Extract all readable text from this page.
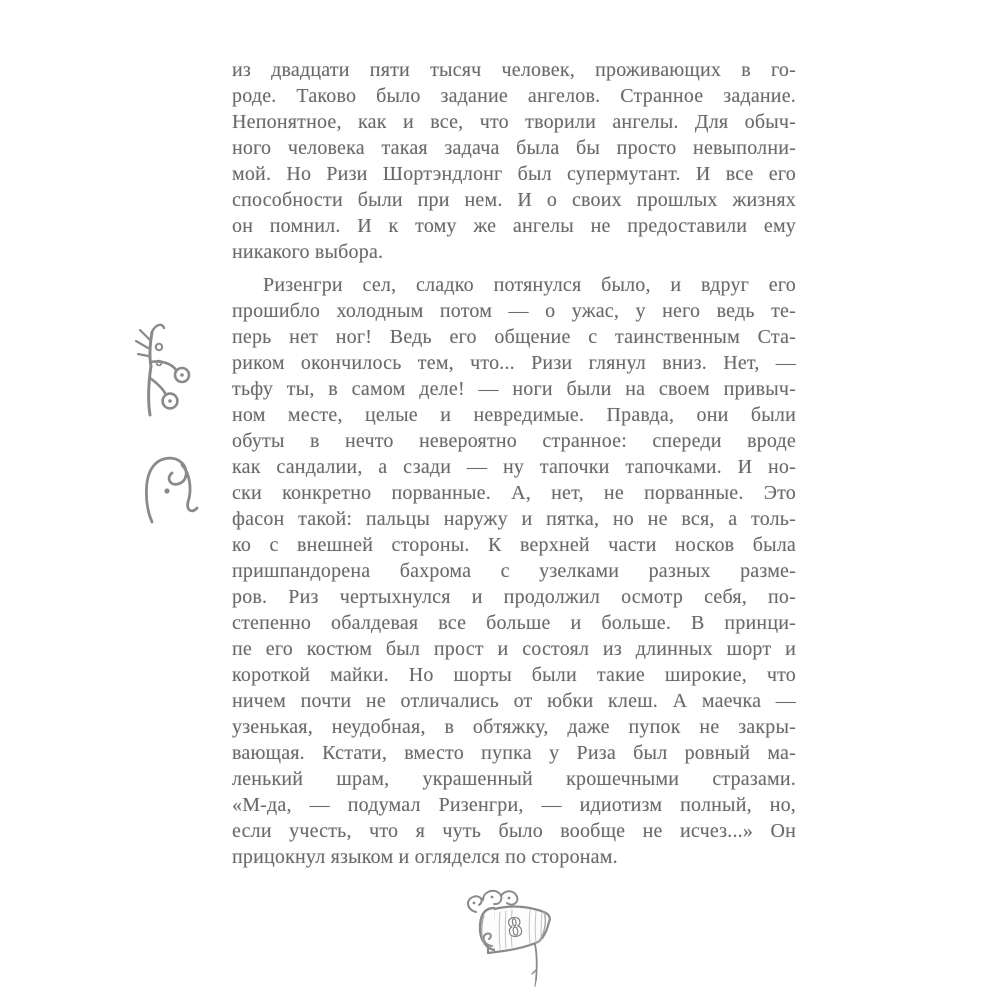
из двадцати пяти тысяч человек, проживающих в го-
роде. Таково было задание ангелов. Странное задание.
Непонятное, как и все, что творили ангелы. Для обыч-
ного человека такая задача была бы просто невыполни-
мой. Но Ризи Шортэндлонг был супермутант. И все его
способности были при нем. И о своих прошлых жизнях
он помнил. И к тому же ангелы не предоставили ему
никакого выбора.
Ризенгри сел, сладко потянулся было, и вдруг его
прошибло холодным потом — о ужас, у него ведь те-
перь нет ног! Ведь его общение с таинственным Ста-
риком окончилось тем, что... Ризи глянул вниз. Нет, —
тьфу ты, в самом деле! — ноги были на своем привыч-
ном месте, целые и невредимые. Правда, они были
обуты в нечто невероятно странное: спереди вроде
как сандалии, а сзади — ну тапочки тапочками. И но-
ски конкретно порванные. А, нет, не порванные. Это
фасон такой: пальцы наружу и пятка, но не вся, а толь-
ко с внешней стороны. К верхней части носков была
пришпандорена бахрома с узелками разных разме-
ров. Риз чертыхнулся и продолжил осмотр себя, по-
степенно обалдевая все больше и больше. В принци-
пе его костюм был прост и состоял из длинных шорт и
короткой майки. Но шорты были такие широкие, что
ничем почти не отличались от юбки клеш. А маечка —
узенькая, неудобная, в обтяжку, даже пупок не закры-
вающая. Кстати, вместо пупка у Риза был ровный ма-
ленький шрам, украшенный крошечными стразами.
«М-да, — подумал Ризенгри, — идиотизм полный, но,
если учесть, что я чуть было вообще не исчез...» Он
прицокнул языком и огляделся по сторонам.
8
